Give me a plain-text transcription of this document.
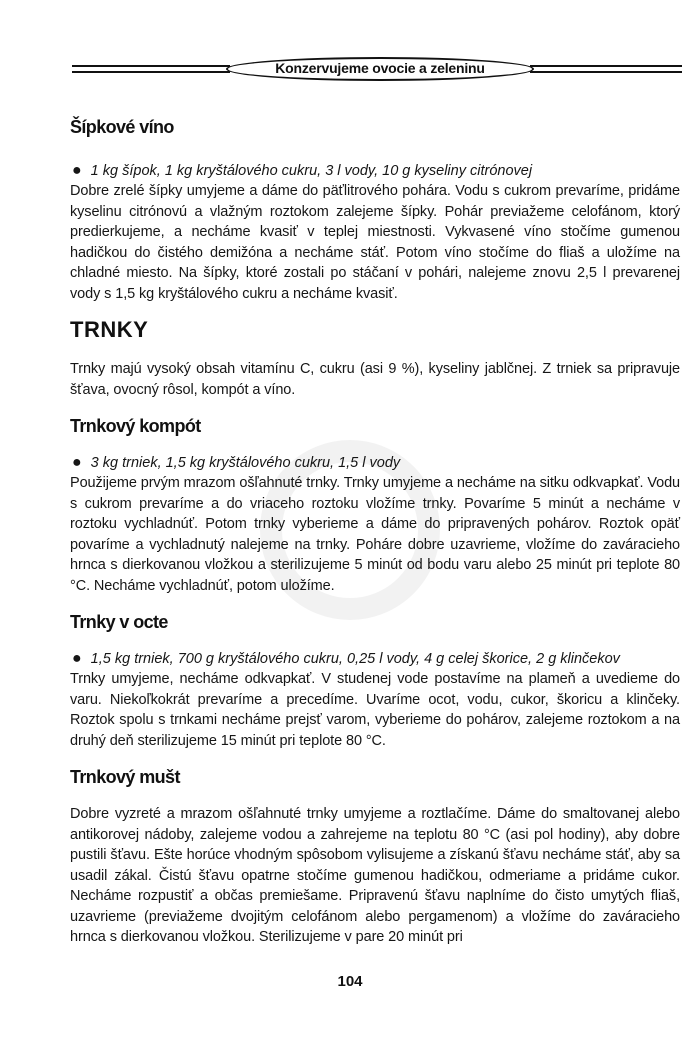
Konzervujeme ovocie a zeleninu
Šípkové víno
● 1 kg šípok, 1 kg kryštálového cukru, 3 l vody, 10 g kyseliny citrónovej

Dobre zrelé šípky umyjeme a dáme do päťlitrového pohára. Vodu s cukrom prevaríme, pridáme kyselinu citrónovú a vlažným roztokom zalejeme šípky. Pohár previažeme celofánom, ktorý predierkujeme, a necháme kvasiť v teplej miestnosti. Vykvasené víno stočíme gumenou hadičkou do čistého demižóna a necháme stáť. Potom víno stočíme do fliaš a uložíme na chladné miesto. Na šípky, ktoré zostali po stáčaní v pohári, nalejeme znovu 2,5 l prevarenej vody s 1,5 kg kryštálového cukru a necháme kvasiť.

TRNKY

Trnky majú vysoký obsah vitamínu C, cukru (asi 9 %), kyseliny jablčnej. Z trniek sa pripravuje šťava, ovocný rôsol, kompót a víno.

Trnkový kompót
● 3 kg trniek, 1,5 kg kryštálového cukru, 1,5 l vody

Použijeme prvým mrazom ošľahnuté trnky. Trnky umyjeme a necháme na sitku odkvapkať. Vodu s cukrom prevaríme a do vriaceho roztoku vložíme trnky. Povaríme 5 minút a necháme v roztoku vychladnúť. Potom trnky vyberieme a dáme do pripravených pohárov. Roztok opäť povaríme a vychladnutý nalejeme na trnky. Poháre dobre uzavrieme, vložíme do zaváracieho hrnca s dierkovanou vložkou a sterilizujeme 5 minút od bodu varu alebo 25 minút pri teplote 80 °C. Necháme vychladnúť, potom uložíme.

Trnky v octe
● 1,5 kg trniek, 700 g kryštálového cukru, 0,25 l vody, 4 g celej škorice, 2 g klinčekov

Trnky umyjeme, necháme odkvapkať. V studenej vode postavíme na plameň a uvedieme do varu. Niekoľkokrát prevaríme a precedíme. Uvaríme ocot, vodu, cukor, škoricu a klinčeky. Roztok spolu s trnkami necháme prejsť varom, vyberieme do pohárov, zalejeme roztokom a na druhý deň sterilizujeme 15 minút pri teplote 80 °C.

Trnkový mušt

Dobre vyzreté a mrazom ošľahnuté trnky umyjeme a roztlačíme. Dáme do smaltovanej alebo antikorovej nádoby, zalejeme vodou a zahrejeme na teplotu 80 °C (asi pol hodiny), aby dobre pustili šťavu. Ešte horúce vhodným spôsobom vylisujeme a získanú šťavu necháme stáť, aby sa usadil zákal. Čistú šťavu opatrne stočíme gumenou hadičkou, odmeriame a pridáme cukor. Necháme rozpustiť a občas premiešame. Pripravenú šťavu naplníme do čisto umytých fliaš, uzavrieme (previažeme dvojitým celofánom alebo pergamenom) a vložíme do zaváracieho hrnca s dierkovanou vložkou. Sterilizujeme v pare 20 minút pri

104
